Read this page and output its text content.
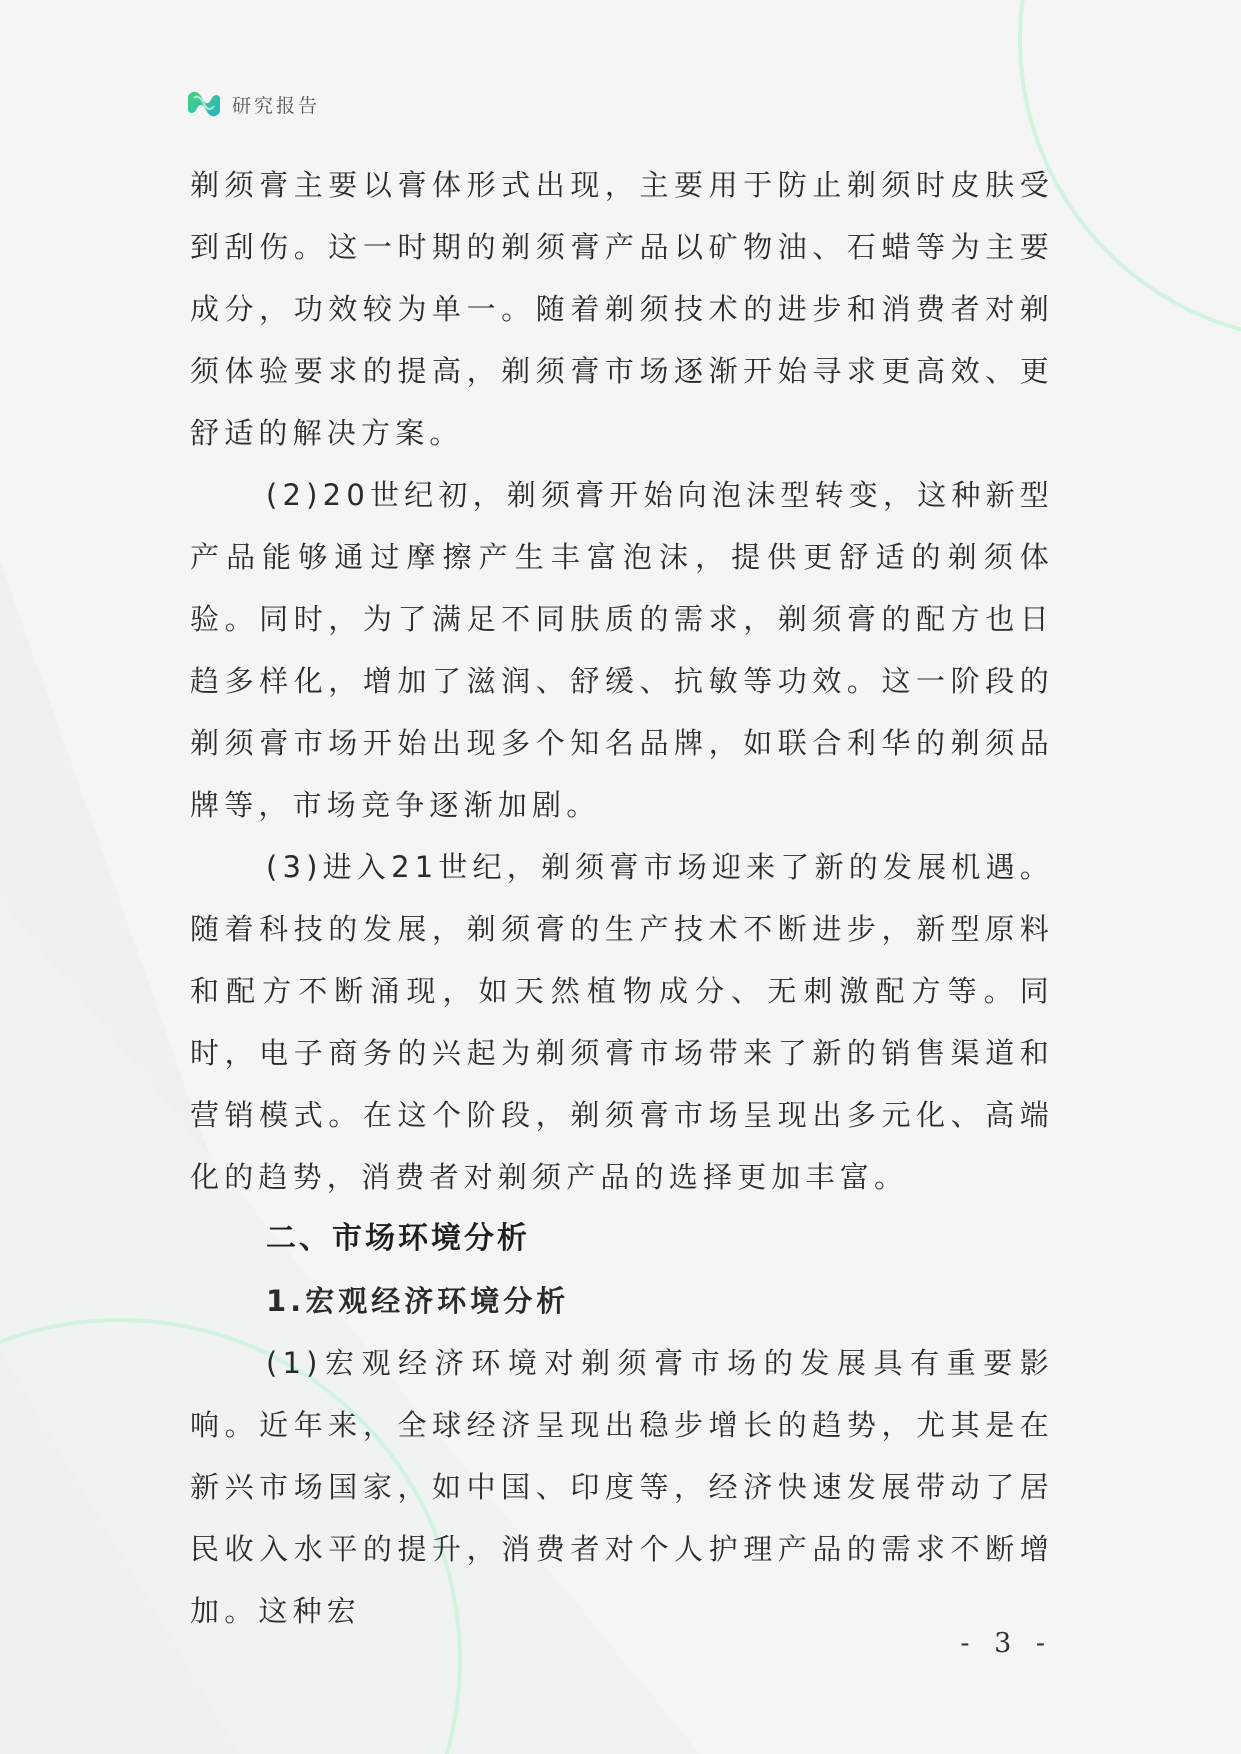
研究报告

剃须膏主要以膏体形式出现，主要用于防止剃须时皮肤受到刮伤。这一时期的剃须膏产品以矿物油、石蜡等为主要成分，功效较为单一。随着剃须技术的进步和消费者对剃须体验要求的提高，剃须膏市场逐渐开始寻求更高效、更舒适的解决方案。

(2)20世纪初，剃须膏开始向泡沫型转变，这种新型产品能够通过摩擦产生丰富泡沫，提供更舒适的剃须体验。同时，为了满足不同肤质的需求，剃须膏的配方也日趋多样化，增加了滋润、舒缓、抗敏等功效。这一阶段的剃须膏市场开始出现多个知名品牌，如联合利华的剃须品牌等，市场竞争逐渐加剧。

(3)进入21世纪，剃须膏市场迎来了新的发展机遇。随着科技的发展，剃须膏的生产技术不断进步，新型原料和配方不断涌现，如天然植物成分、无刺激配方等。同时，电子商务的兴起为剃须膏市场带来了新的销售渠道和营销模式。在这个阶段，剃须膏市场呈现出多元化、高端化的趋势，消费者对剃须产品的选择更加丰富。

二、市场环境分析
1.宏观经济环境分析

(1)宏观经济环境对剃须膏市场的发展具有重要影响。近年来，全球经济呈现出稳步增长的趋势，尤其是在新兴市场国家，如中国、印度等，经济快速发展带动了居民收入水平的提升，消费者对个人护理产品的需求不断增加。这种宏

- 3 -
